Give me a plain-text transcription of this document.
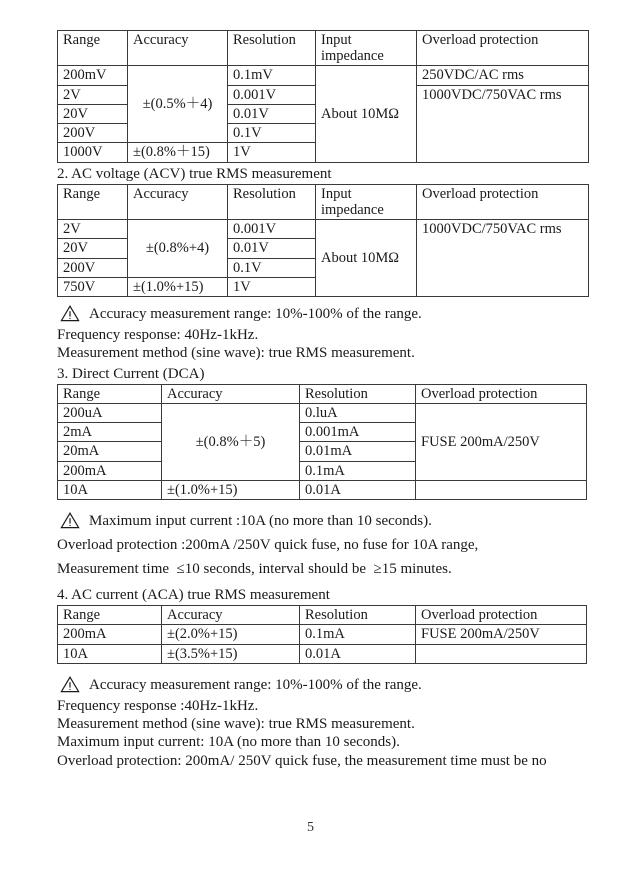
Range	Accuracy	Resolution	Input impedance	Overload protection
200mV	±(0.5%＋4)	0.1mV	About 10MΩ	250VDC/AC rms
2V		0.001V		1000VDC/750VAC rms
20V		0.01V		
200V		0.1V		
1000V	±(0.8%＋15)	1V		
2. AC voltage (ACV) true RMS measurement
Range	Accuracy	Resolution	Input impedance	Overload protection
2V	±(0.8%+4)	0.001V	About 10MΩ	1000VDC/750VAC rms
20V		0.01V		
200V		0.1V		
750V	±(1.0%+15)	1V		
Accuracy measurement range: 10%-100% of the range.

Frequency response: 40Hz-1kHz.

Measurement method (sine wave): true RMS measurement.

3. Direct Current (DCA)
Range	Accuracy	Resolution	Overload protection
200uA	±(0.8%＋5)	0.luA	FUSE 200mA/250V
2mA		0.001mA	
20mA		0.01mA	
200mA		0.1mA	
10A	±(1.0%+15)	0.01A	
Maximum input current :10A (no more than 10 seconds).

Overload protection :200mA /250V quick fuse, no fuse for 10A range,

Measurement time  ≤10 seconds, interval should be  ≥15 minutes.

4. AC current (ACA) true RMS measurement
Range	Accuracy	Resolution	Overload protection
200mA	±(2.0%+15)	0.1mA	FUSE 200mA/250V
10A	±(3.5%+15)	0.01A	
Accuracy measurement range: 10%-100% of the range.

Frequency response :40Hz-1kHz.

Measurement method (sine wave): true RMS measurement.

Maximum input current: 10A (no more than 10 seconds).

Overload protection: 200mA/ 250V quick fuse, the measurement time must be no

5
